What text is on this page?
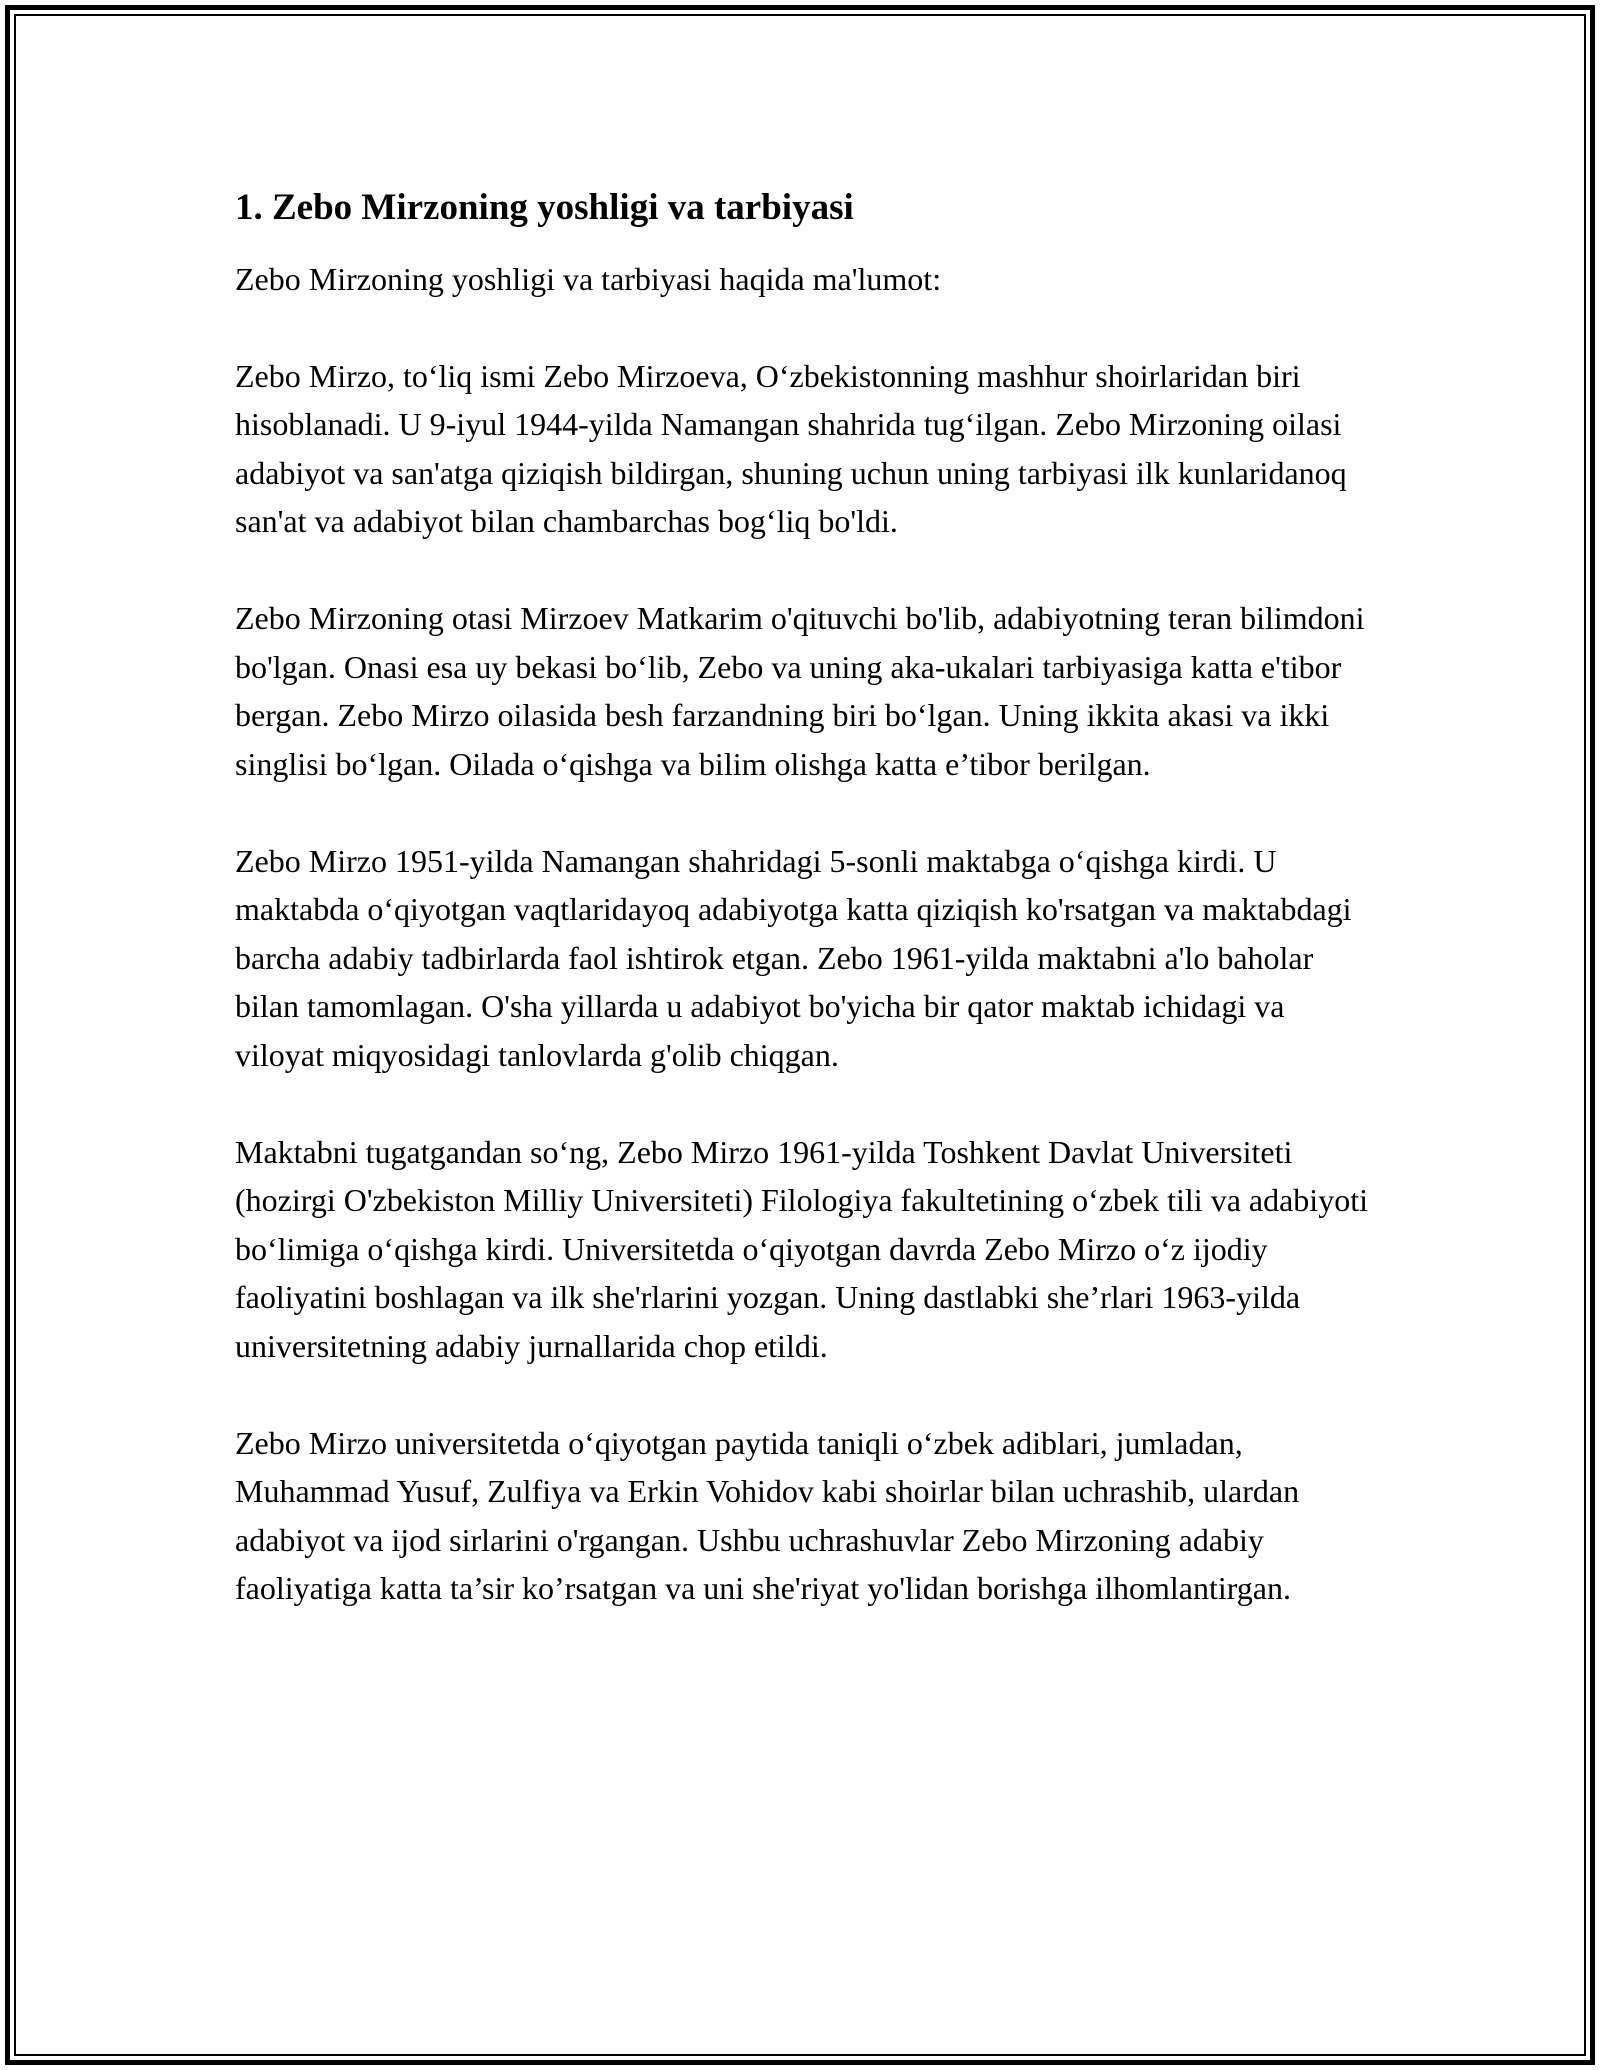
1. Zebo Mirzoning yoshligi va tarbiyasi

Zebo Mirzoning yoshligi va tarbiyasi haqida ma'lumot:

Zebo Mirzo, to‘liq ismi Zebo Mirzoeva, O‘zbekistonning mashhur shoirlaridan biri hisoblanadi. U 9-iyul 1944-yilda Namangan shahrida tug‘ilgan. Zebo Mirzoning oilasi adabiyot va san'atga qiziqish bildirgan, shuning uchun uning tarbiyasi ilk kunlaridanoq san'at va adabiyot bilan chambarchas bog‘liq bo'ldi.

Zebo Mirzoning otasi Mirzoev Matkarim o'qituvchi bo'lib, adabiyotning teran bilimdoni bo'lgan. Onasi esa uy bekasi bo‘lib, Zebo va uning aka-ukalari tarbiyasiga katta e'tibor bergan. Zebo Mirzo oilasida besh farzandning biri bo‘lgan. Uning ikkita akasi va ikki singlisi bo‘lgan. Oilada o‘qishga va bilim olishga katta e’tibor berilgan.

Zebo Mirzo 1951-yilda Namangan shahridagi 5-sonli maktabga o‘qishga kirdi. U maktabda o‘qiyotgan vaqtlaridayoq adabiyotga katta qiziqish ko'rsatgan va maktabdagi barcha adabiy tadbirlarda faol ishtirok etgan. Zebo 1961-yilda maktabni a'lo baholar bilan tamomlagan. O'sha yillarda u adabiyot bo'yicha bir qator maktab ichidagi va viloyat miqyosidagi tanlovlarda g'olib chiqgan.

Maktabni tugatgandan so‘ng, Zebo Mirzo 1961-yilda Toshkent Davlat Universiteti (hozirgi O'zbekiston Milliy Universiteti) Filologiya fakultetining o‘zbek tili va adabiyoti bo‘limiga o‘qishga kirdi. Universitetda o‘qiyotgan davrda Zebo Mirzo o‘z ijodiy faoliyatini boshlagan va ilk she'rlarini yozgan. Uning dastlabki she’rlari 1963-yilda universitetning adabiy jurnallarida chop etildi.

Zebo Mirzo universitetda o‘qiyotgan paytida taniqli o‘zbek adiblari, jumladan, Muhammad Yusuf, Zulfiya va Erkin Vohidov kabi shoirlar bilan uchrashib, ulardan adabiyot va ijod sirlarini o'rgangan. Ushbu uchrashuvlar Zebo Mirzoning adabiy faoliyatiga katta ta’sir ko’rsatgan va uni she'riyat yo'lidan borishga ilhomlantirgan.
